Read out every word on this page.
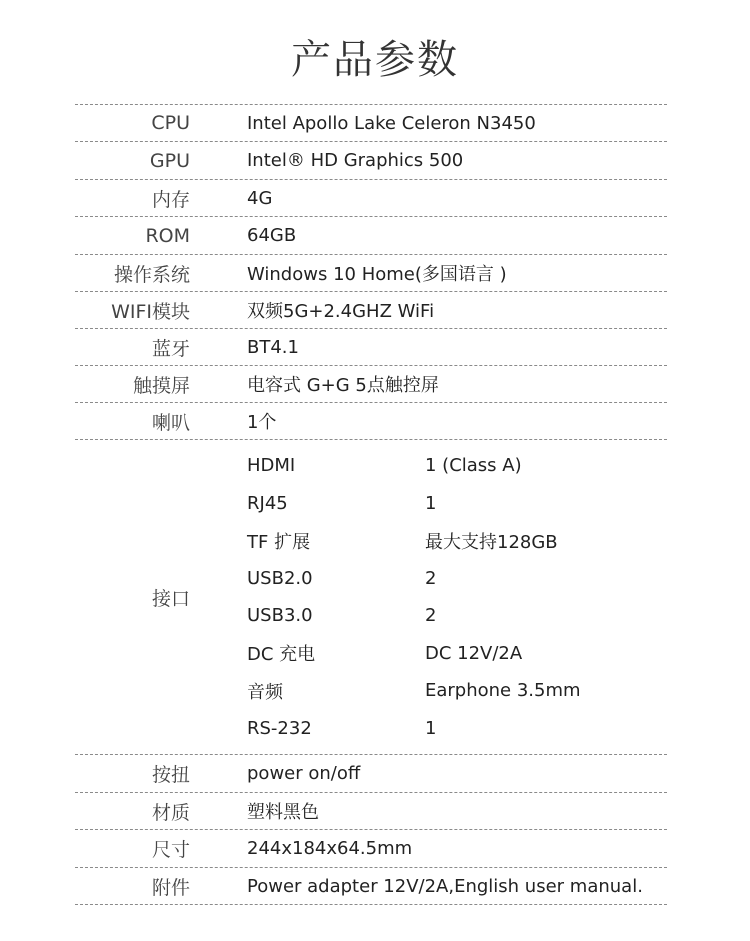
产品参数
CPU	Intel Apollo Lake Celeron N3450
GPU	Intel® HD Graphics 500
内存	4G
ROM	64GB
操作系统	Windows 10 Home(多国语言 )
WIFI模块	双频5G+2.4GHZ WiFi
蓝牙	BT4.1
触摸屏	电容式 G+G 5点触控屏
喇叭	1个
接口
HDMI	1 (Class A)
RJ45	1
TF 扩展	最大支持128GB
USB2.0	2
USB3.0	2
DC 充电	DC 12V/2A
音频	Earphone 3.5mm
RS-232	1
按扭	power on/off
材质	塑料黑色
尺寸	244x184x64.5mm
附件	Power adapter 12V/2A,English user manual.
